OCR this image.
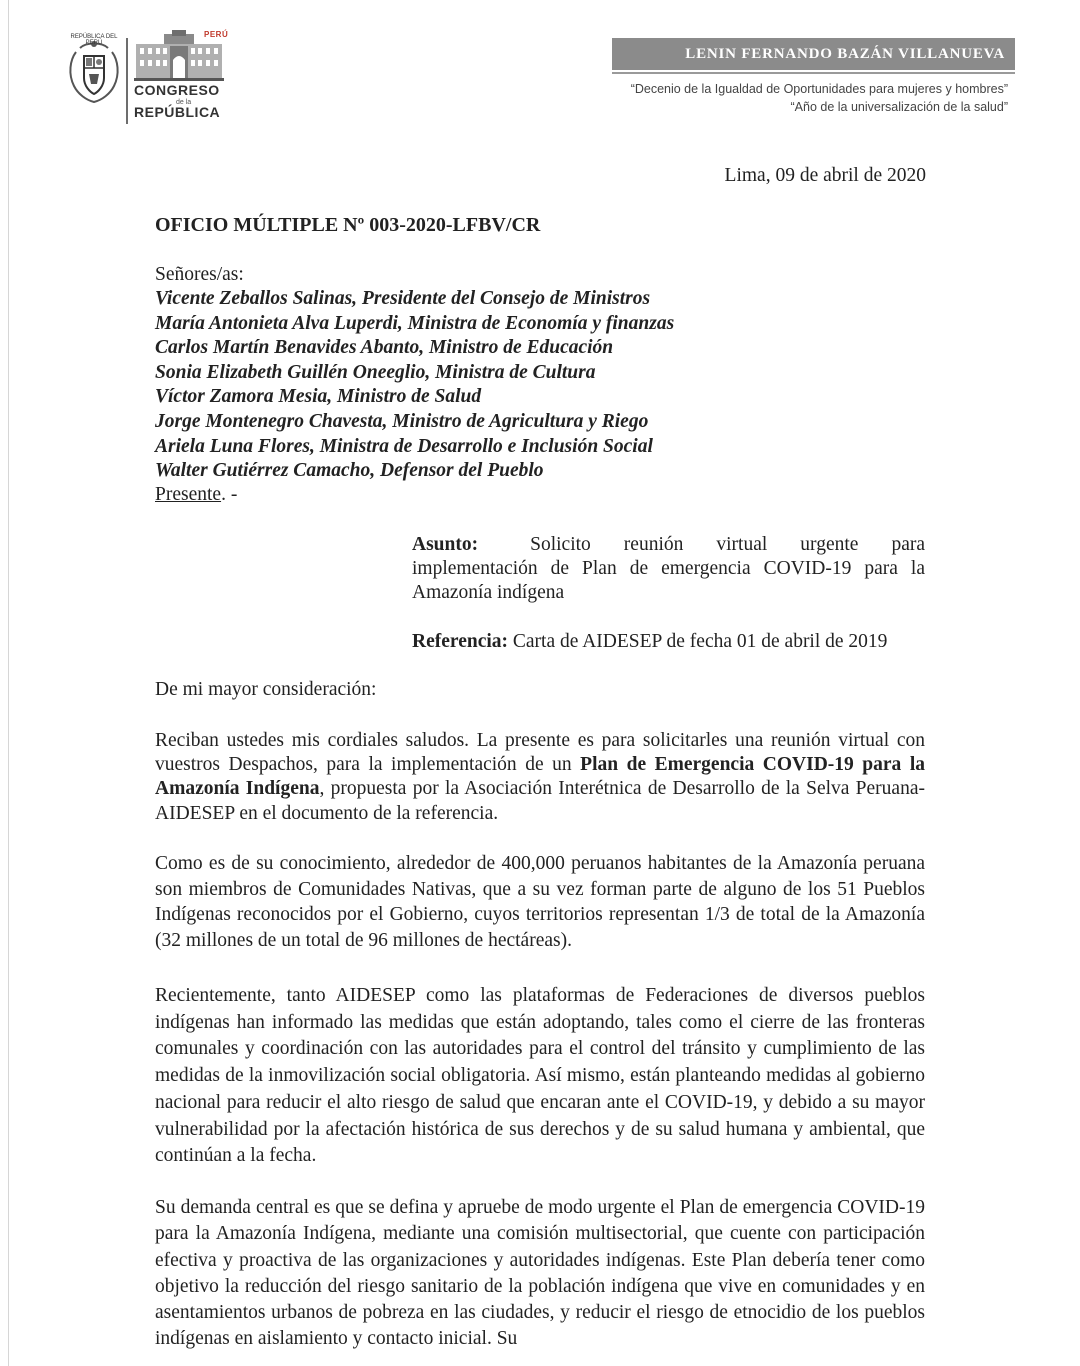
REPÚBLICA DEL PERÚ
PERÚ
CONGRESO
de la
REPÚBLICA
LENIN FERNANDO BAZÁN VILLANUEVA
“Decenio de la Igualdad de Oportunidades para mujeres y hombres”
“Año de la universalización de la salud”
Lima, 09 de abril de 2020
OFICIO MÚLTIPLE Nº 003-2020-LFBV/CR
Señores/as:
Vicente Zeballos Salinas, Presidente del Consejo de Ministros
María Antonieta Alva Luperdi, Ministra de Economía y finanzas
Carlos Martín Benavides Abanto, Ministro de Educación
Sonia Elizabeth Guillén Oneeglio, Ministra de Cultura
Víctor Zamora Mesia, Ministro de Salud
Jorge Montenegro Chavesta, Ministro de Agricultura y Riego
Ariela Luna Flores, Ministra de Desarrollo e Inclusión Social
Walter Gutiérrez Camacho, Defensor del Pueblo
Presente. -
Asunto:	Solicito reunión virtual urgente para implementación de Plan de emergencia COVID-19 para la Amazonía indígena
Referencia: Carta de AIDESEP de fecha 01 de abril de 2019
De mi mayor consideración:
Reciban ustedes mis cordiales saludos. La presente es para solicitarles una reunión virtual con vuestros Despachos, para la implementación de un Plan de Emergencia COVID-19 para la Amazonía Indígena, propuesta por la Asociación Interétnica de Desarrollo de la Selva Peruana-AIDESEP en el documento de la referencia.
Como es de su conocimiento, alrededor de 400,000 peruanos habitantes de la Amazonía peruana son miembros de Comunidades Nativas, que a su vez forman parte de alguno de los 51 Pueblos Indígenas reconocidos por el Gobierno, cuyos territorios representan 1/3 de total de la Amazonía (32 millones de un total de 96 millones de hectáreas).
Recientemente, tanto AIDESEP como las plataformas de Federaciones de diversos pueblos indígenas han informado las medidas que están adoptando, tales como el cierre de las fronteras comunales y coordinación con las autoridades para el control del tránsito y cumplimiento de las medidas de la inmovilización social obligatoria. Así mismo, están planteando medidas al gobierno nacional para reducir el alto riesgo de salud que encaran ante el COVID-19, y debido a su mayor vulnerabilidad por la afectación histórica de sus derechos y de su salud humana y ambiental, que continúan a la fecha.
Su demanda central es que se defina y apruebe de modo urgente el Plan de emergencia COVID-19 para la Amazonía Indígena, mediante una comisión multisectorial, que cuente con participación efectiva y proactiva de las organizaciones y autoridades indígenas. Este Plan debería tener como objetivo la reducción del riesgo sanitario de la población indígena que vive en comunidades y en asentamientos urbanos de pobreza en las ciudades, y reducir el riesgo de etnocidio de los pueblos indígenas en aislamiento y contacto inicial. Su
